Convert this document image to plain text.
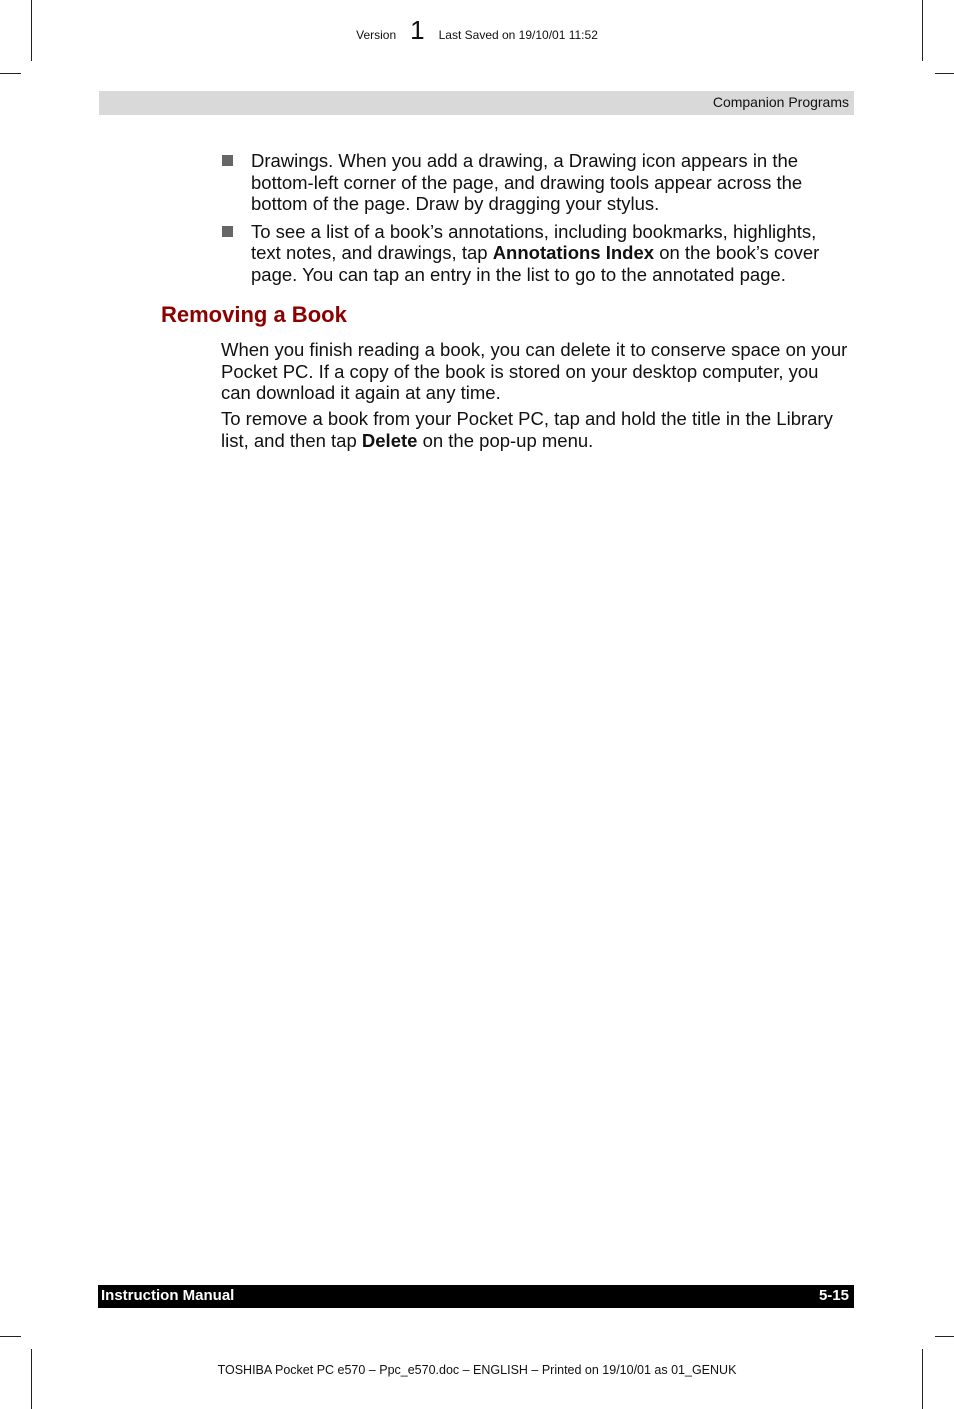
Version 1 Last Saved on 19/10/01 11:52
Companion Programs
Drawings. When you add a drawing, a Drawing icon appears in the bottom-left corner of the page, and drawing tools appear across the bottom of the page. Draw by dragging your stylus.
To see a list of a book’s annotations, including bookmarks, highlights, text notes, and drawings, tap Annotations Index on the book’s cover page. You can tap an entry in the list to go to the annotated page.
Removing a Book

When you finish reading a book, you can delete it to conserve space on your Pocket PC. If a copy of the book is stored on your desktop computer, you can download it again at any time.

To remove a book from your Pocket PC, tap and hold the title in the Library list, and then tap Delete on the pop-up menu.

Instruction Manual	5-15
TOSHIBA Pocket PC e570 – Ppc_e570.doc – ENGLISH – Printed on 19/10/01 as 01_GENUK
